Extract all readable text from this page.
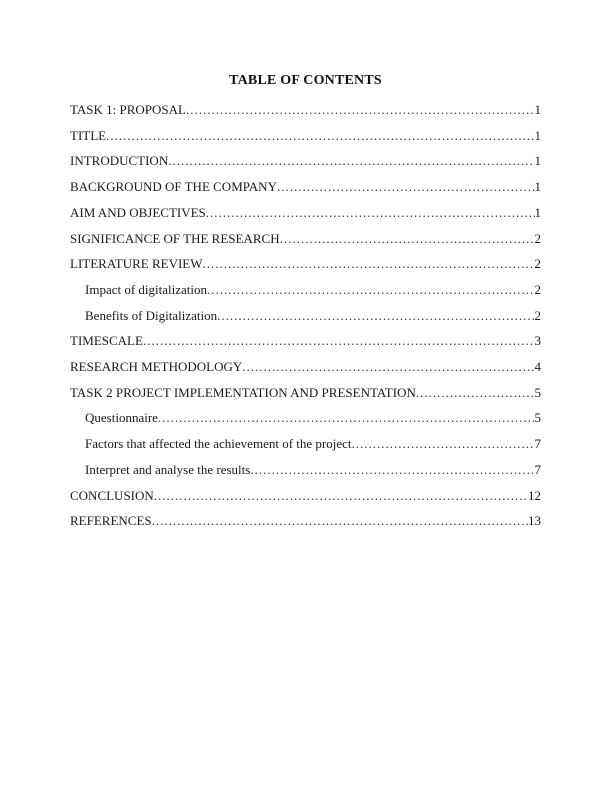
TABLE OF CONTENTS
TASK 1: PROPOSAL .....	1
TITLE .....	1
INTRODUCTION .....	1
BACKGROUND OF THE COMPANY .....	1
AIM AND OBJECTIVES .....	1
SIGNIFICANCE OF THE RESEARCH .....	2
LITERATURE REVIEW .....	2
Impact of digitalization .....	2
Benefits of Digitalization .....	2
TIMESCALE .....	3
RESEARCH METHODOLOGY .....	4
TASK 2 PROJECT IMPLEMENTATION AND PRESENTATION .....	5
Questionnaire .....	5
Factors that affected the achievement of the project .....	7
Interpret and analyse the results .....	7
CONCLUSION .....	12
REFERENCES .....	13
